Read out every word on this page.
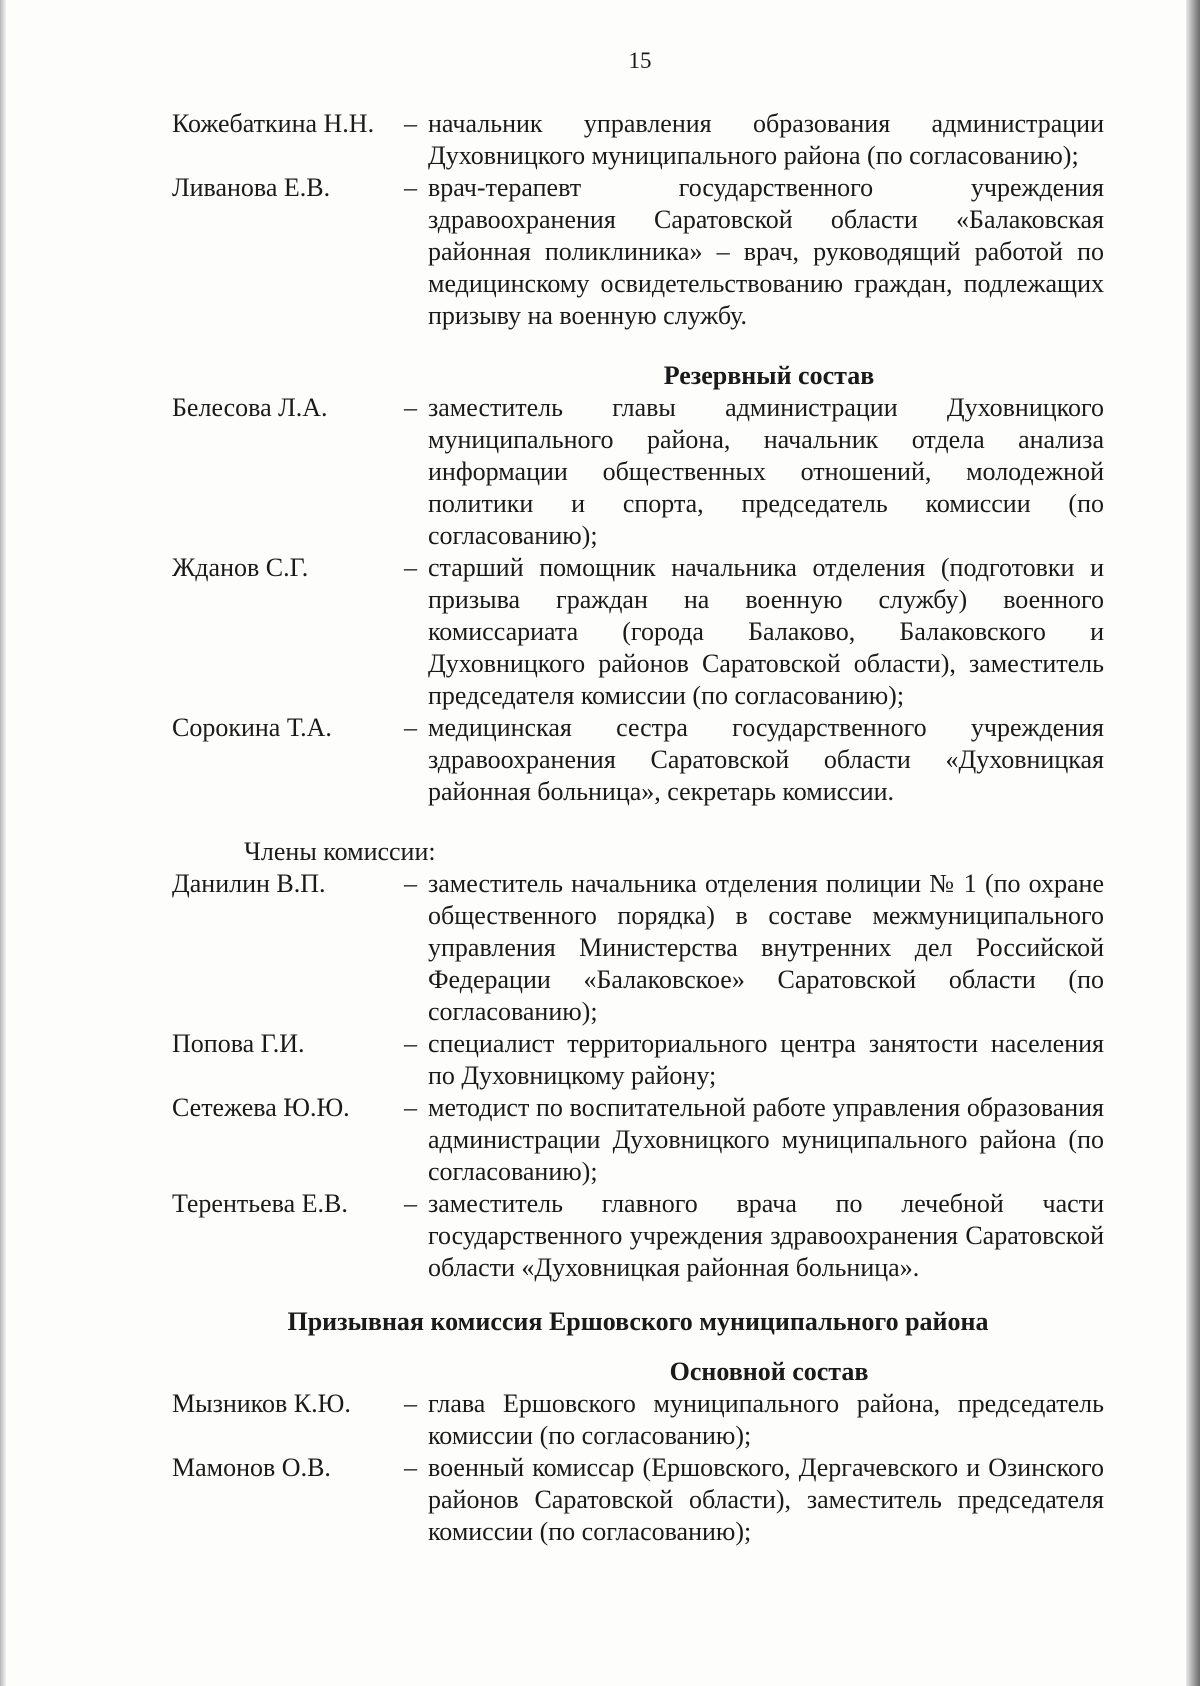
15
Кожебаткина Н.Н.	– начальник управления образования администрации Духовницкого муниципального района (по согласованию);
Ливанова Е.В.	– врач-терапевт государственного учреждения здравоохранения Саратовской области «Балаковская районная поликлиника» – врач, руководящий работой по медицинскому освидетельствованию граждан, подлежащих призыву на военную службу.
Резервный состав
Белесова Л.А.	– заместитель главы администрации Духовницкого муниципального района, начальник отдела анализа информации общественных отношений, молодежной политики и спорта, председатель комиссии (по согласованию);
Жданов С.Г.	– старший помощник начальника отделения (подготовки и призыва граждан на военную службу) военного комиссариата (города Балаково, Балаковского и Духовницкого районов Саратовской области), заместитель председателя комиссии (по согласованию);
Сорокина Т.А.	– медицинская сестра государственного учреждения здравоохранения Саратовской области «Духовницкая районная больница», секретарь комиссии.
Члены комиссии:
Данилин В.П.	– заместитель начальника отделения полиции № 1 (по охране общественного порядка) в составе межмуниципального управления Министерства внутренних дел Российской Федерации «Балаковское» Саратовской области (по согласованию);
Попова Г.И.	– специалист территориального центра занятости населения по Духовницкому району;
Сетежева Ю.Ю.	– методист по воспитательной работе управления образования администрации Духовницкого муниципального района (по согласованию);
Терентьева Е.В.	– заместитель главного врача по лечебной части государственного учреждения здравоохранения Саратовской области «Духовницкая районная больница».
Призывная комиссия Ершовского муниципального района
Основной состав
Мызников К.Ю.	– глава Ершовского муниципального района, председатель комиссии (по согласованию);
Мамонов О.В.	– военный комиссар (Ершовского, Дергачевского и Озинского районов Саратовской области), заместитель председателя комиссии (по согласованию);
